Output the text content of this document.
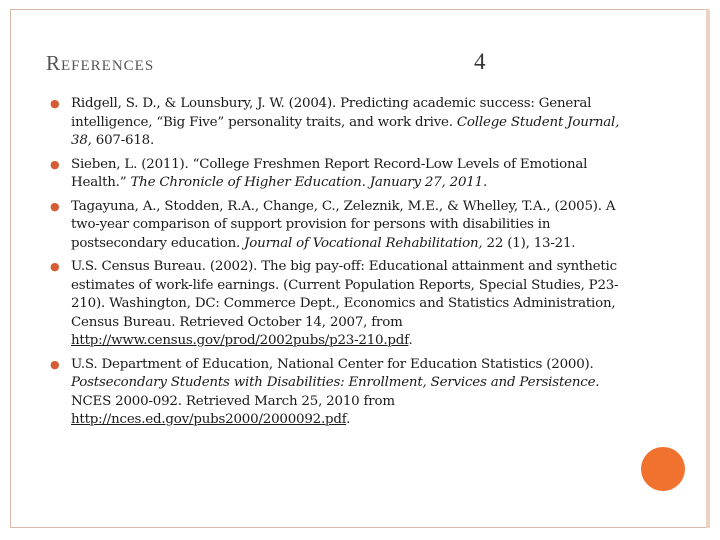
References	4
● Ridgell, S. D., & Lounsbury, J. W. (2004). Predicting academic success: General intelligence, “Big Five” personality traits, and work drive. College Student Journal, 38, 607-618.
● Sieben, L. (2011). “College Freshmen Report Record-Low Levels of Emotional Health.” The Chronicle of Higher Education. January 27, 2011.
● Tagayuna, A., Stodden, R.A., Change, C., Zeleznik, M.E., & Whelley, T.A., (2005). A two-year comparison of support provision for persons with disabilities in postsecondary education. Journal of Vocational Rehabilitation, 22 (1), 13-21.
● U.S. Census Bureau. (2002). The big pay-off: Educational attainment and synthetic estimates of work-life earnings. (Current Population Reports, Special Studies, P23-210). Washington, DC: Commerce Dept., Economics and Statistics Administration, Census Bureau. Retrieved October 14, 2007, from http://www.census.gov/prod/2002pubs/p23-210.pdf.
● U.S. Department of Education, National Center for Education Statistics (2000). Postsecondary Students with Disabilities: Enrollment, Services and Persistence. NCES 2000-092. Retrieved March 25, 2010 from http://nces.ed.gov/pubs2000/2000092.pdf.
